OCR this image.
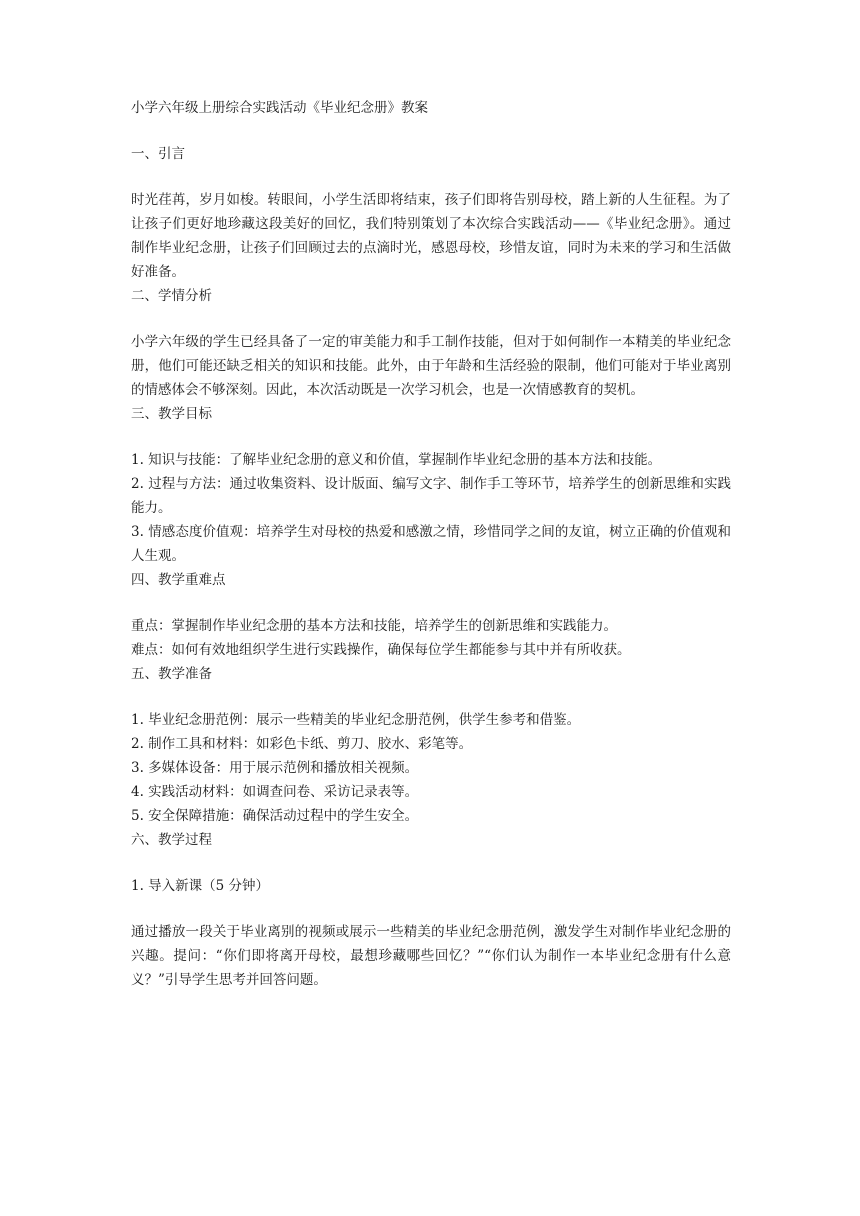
小学六年级上册综合实践活动《毕业纪念册》教案

一、引言

时光荏苒，岁月如梭。转眼间，小学生活即将结束，孩子们即将告别母校，踏上新的人生征程。为了让孩子们更好地珍藏这段美好的回忆，我们特别策划了本次综合实践活动——《毕业纪念册》。通过制作毕业纪念册，让孩子们回顾过去的点滴时光，感恩母校，珍惜友谊，同时为未来的学习和生活做好准备。

二、学情分析

小学六年级的学生已经具备了一定的审美能力和手工制作技能，但对于如何制作一本精美的毕业纪念册，他们可能还缺乏相关的知识和技能。此外，由于年龄和生活经验的限制，他们可能对于毕业离别的情感体会不够深刻。因此，本次活动既是一次学习机会，也是一次情感教育的契机。

三、教学目标

1. 知识与技能：了解毕业纪念册的意义和价值，掌握制作毕业纪念册的基本方法和技能。
2. 过程与方法：通过收集资料、设计版面、编写文字、制作手工等环节，培养学生的创新思维和实践能力。
3. 情感态度价值观：培养学生对母校的热爱和感激之情，珍惜同学之间的友谊，树立正确的价值观和人生观。

四、教学重难点

重点：掌握制作毕业纪念册的基本方法和技能，培养学生的创新思维和实践能力。
难点：如何有效地组织学生进行实践操作，确保每位学生都能参与其中并有所收获。

五、教学准备

1. 毕业纪念册范例：展示一些精美的毕业纪念册范例，供学生参考和借鉴。
2. 制作工具和材料：如彩色卡纸、剪刀、胶水、彩笔等。
3. 多媒体设备：用于展示范例和播放相关视频。
4. 实践活动材料：如调查问卷、采访记录表等。
5. 安全保障措施：确保活动过程中的学生安全。

六、教学过程

1. 导入新课（5 分钟）

通过播放一段关于毕业离别的视频或展示一些精美的毕业纪念册范例，激发学生对制作毕业纪念册的兴趣。提问：“你们即将离开母校，最想珍藏哪些回忆？”“你们认为制作一本毕业纪念册有什么意义？”引导学生思考并回答问题。
